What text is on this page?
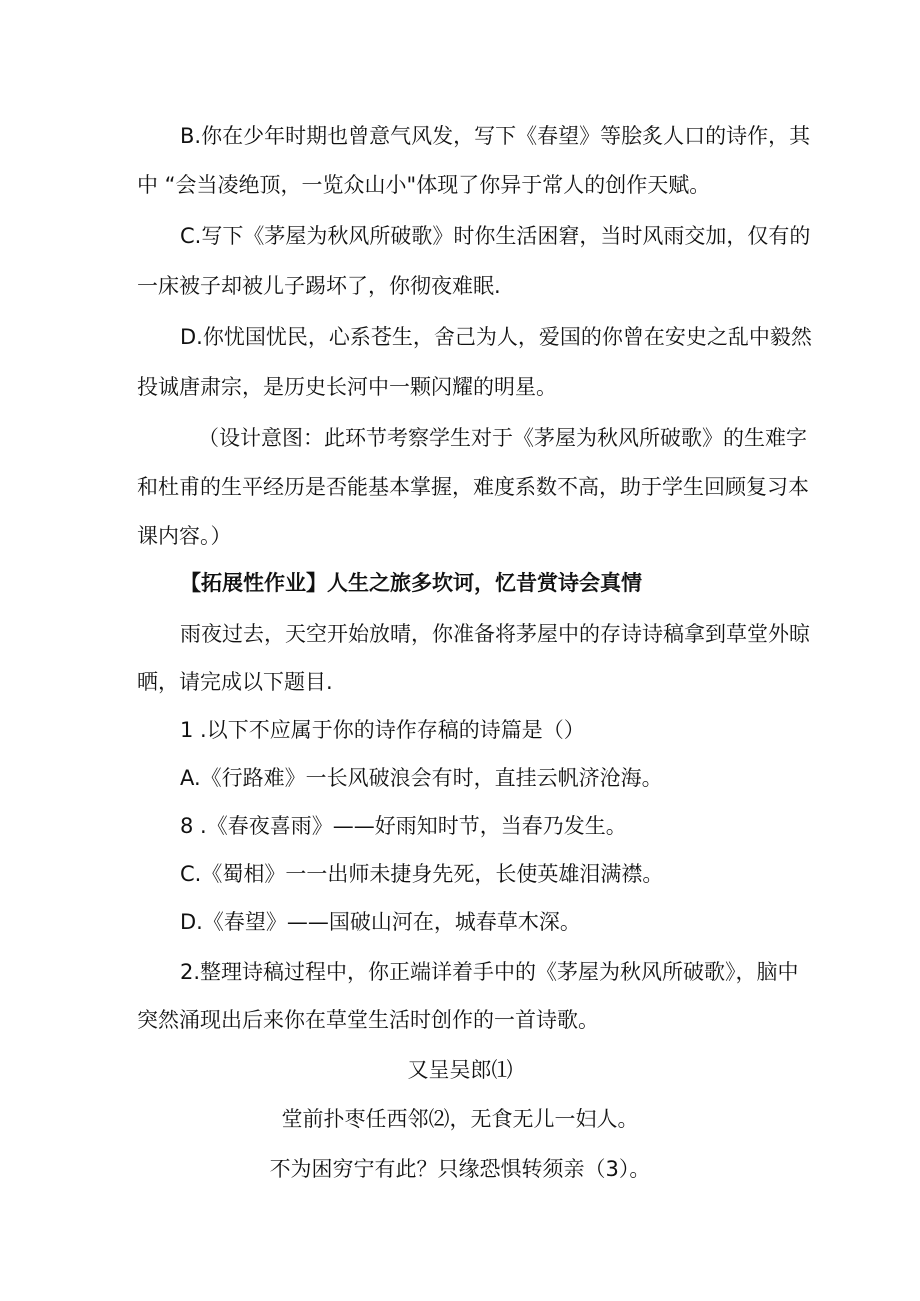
B.你在少年时期也曾意气风发，写下《春望》等脍炙人口的诗作，其

中 “会当凌绝顶，一览众山小"体现了你异于常人的创作天赋。

C.写下《茅屋为秋风所破歌》时你生活困窘，当时风雨交加，仅有的

一床被子却被儿子踢坏了，你彻夜难眠.

D.你忧国忧民，心系苍生，舍己为人，爱国的你曾在安史之乱中毅然

投诚唐肃宗，是历史长河中一颗闪耀的明星。

（设计意图：此环节考察学生对于《茅屋为秋风所破歌》的生难字

和杜甫的生平经历是否能基本掌握，难度系数不高，助于学生回顾复习本

课内容。）

【拓展性作业】人生之旅多坎诃，忆昔赏诗会真情

雨夜过去，天空开始放晴，你准备将茅屋中的存诗诗稿拿到草堂外晾

晒，请完成以下题目.

1 .以下不应属于你的诗作存稿的诗篇是（）

A.《行路难》一长风破浪会有时，直挂云帆济沧海。

8 .《春夜喜雨》——好雨知时节，当春乃发生。

C.《蜀相》一一出师未捷身先死，长使英雄泪满襟。

D.《春望》——国破山河在，城春草木深。

2.整理诗稿过程中，你正端详着手中的《茅屋为秋风所破歌》，脑中

突然涌现出后来你在草堂生活时创作的一首诗歌。

又呈吴郎⑴

堂前扑枣任西邻⑵，无食无儿一妇人。

不为困穷宁有此？只缘恐惧转须亲（3）。
